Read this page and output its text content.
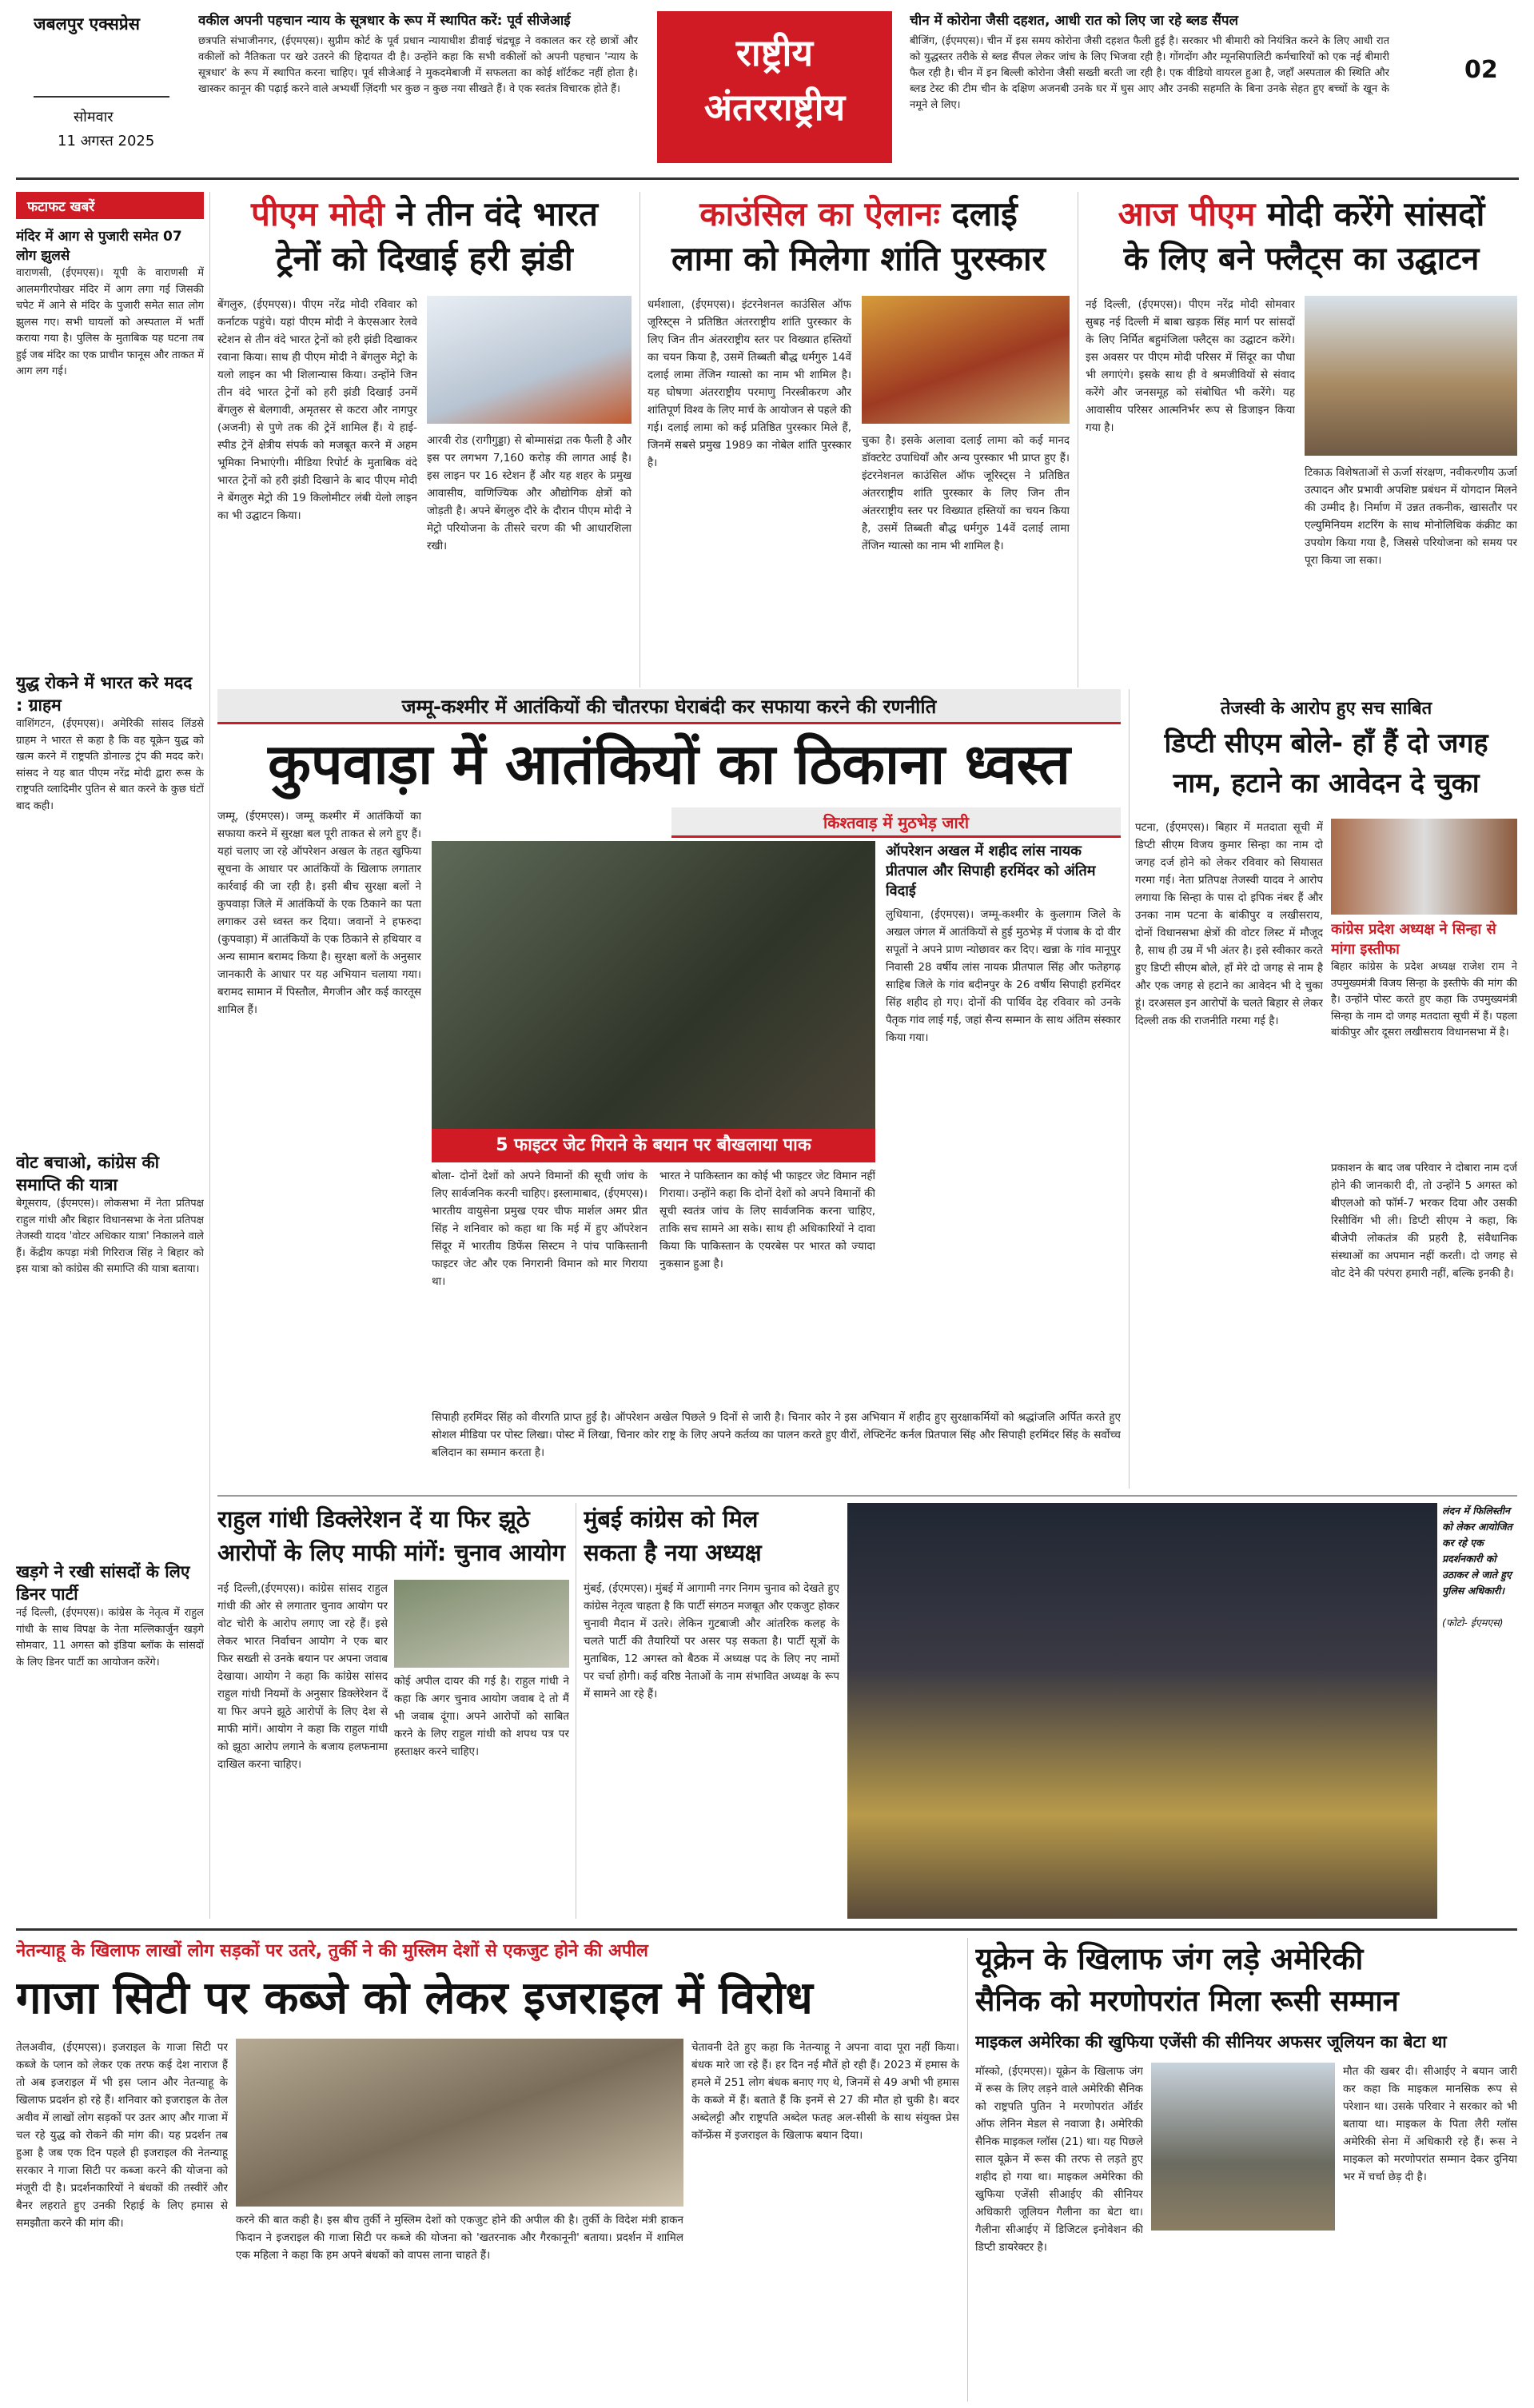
जबलपुर एक्सप्रेस
सोमवार
11 अगस्त 2025
वकील अपनी पहचान न्याय के सूत्रधार के रूप में स्थापित करें: पूर्व सीजेआई
छत्रपति संभाजीनगर, (ईएमएस)। सुप्रीम कोर्ट के पूर्व प्रधान न्यायाधीश डीवाई चंद्रचूड़ ने वकालत कर रहे छात्रों और वकीलों को नैतिकता पर खरे उतरने की हिदायत दी है। उन्होंने कहा कि सभी वकीलों को अपनी पहचान 'न्याय के सूत्रधार' के रूप में स्थापित करना चाहिए। पूर्व सीजेआई ने मुकदमेबाजी में सफलता का कोई शॉर्टकट नहीं होता है। खास्कर कानून की पढ़ाई करने वाले अभ्यर्थी ज़िंदगी भर कुछ न कुछ नया सीखते हैं। वे एक स्वतंत्र विचारक होते हैं।
राष्ट्रीय
अंतरराष्ट्रीय
चीन में कोरोना जैसी दहशत, आधी रात को लिए जा रहे ब्लड सैंपल
बीजिंग, (ईएमएस)। चीन में इस समय कोरोना जैसी दहशत फैली हुई है। सरकार भी बीमारी को नियंत्रित करने के लिए आधी रात को युद्धस्तर तरीके से ब्लड सैंपल लेकर जांच के लिए भिजवा रही है। गोंगदोंग और म्यूनसिपालिटी कर्मचारियों को एक नई बीमारी फैल रही है। चीन में इन बिल्ली कोरोना जैसी सख्ती बरती जा रही है। एक वीडियो वायरल हुआ है, जहाँ अस्पताल की स्थिति और ब्लड टेस्ट की टीम चीन के दक्षिण अजनबी उनके घर में घुस आए और उनकी सहमति के बिना उनके सेहत हुए बच्चों के खून के नमूने ले लिए।
02
फटाफट खबरें
मंदिर में आग से पुजारी समेत 07 लोग झुलसे
वाराणसी, (ईएमएस)। यूपी के वाराणसी में आलमगीरपोखर मंदिर में आग लगा गई जिसकी चपेट में आने से मंदिर के पुजारी समेत सात लोग झुलस गए। सभी घायलों को अस्पताल में भर्ती कराया गया है। पुलिस के मुताबिक यह घटना तब हुई जब मंदिर का एक प्राचीन फानूस और ताकत में आग लग गई।
युद्ध रोकने में भारत करे मदद : ग्राहम
वाशिंगटन, (ईएमएस)। अमेरिकी सांसद लिंडसे ग्राहम ने भारत से कहा है कि वह यूक्रेन युद्ध को खत्म करने में राष्ट्रपति डोनाल्ड ट्रंप की मदद करे। सांसद ने यह बात पीएम नरेंद्र मोदी द्वारा रूस के राष्ट्रपति व्लादिमीर पुतिन से बात करने के कुछ घंटों बाद कही।
वोट बचाओ, कांग्रेस की समाप्ति की यात्रा
बेगूसराय, (ईएमएस)। लोकसभा में नेता प्रतिपक्ष राहुल गांधी और बिहार विधानसभा के नेता प्रतिपक्ष तेजस्वी यादव 'वोटर अधिकार यात्रा' निकालने वाले हैं। केंद्रीय कपड़ा मंत्री गिरिराज सिंह ने बिहार को इस यात्रा को कांग्रेस की समाप्ति की यात्रा बताया।
खड़गे ने रखी सांसदों के लिए डिनर पार्टी
नई दिल्ली, (ईएमएस)। कांग्रेस के नेतृत्व में राहुल गांधी के साथ विपक्ष के नेता मल्लिकार्जुन खड़गे सोमवार, 11 अगस्त को इंडिया ब्लॉक के सांसदों के लिए डिनर पार्टी का आयोजन करेंगे।
पीएम मोदी ने तीन वंदे भारत
ट्रेनों को दिखाई हरी झंडी
बेंगलुरु, (ईएमएस)। पीएम नरेंद्र मोदी रविवार को कर्नाटक पहुंचे। यहां पीएम मोदी ने केएसआर रेलवे स्टेशन से तीन वंदे भारत ट्रेनों को हरी झंडी दिखाकर रवाना किया। साथ ही पीएम मोदी ने बेंगलुरु मेट्रो के यलो लाइन का भी शिलान्यास किया। उन्होंने जिन तीन वंदे भारत ट्रेनों को हरी झंडी दिखाई उनमें बेंगलुरु से बेलगावी, अमृतसर से कटरा और नागपुर (अजनी) से पुणे तक की ट्रेनें शामिल हैं। ये हाई-स्पीड ट्रेनें क्षेत्रीय संपर्क को मजबूत करने में अहम भूमिका निभाएंगी। मीडिया रिपोर्ट के मुताबिक वंदे भारत ट्रेनों को हरी झंडी दिखाने के बाद पीएम मोदी ने बेंगलुरु मेट्रो की 19 किलोमीटर लंबी येलो लाइन का भी उद्घाटन किया।
आरवी रोड (रागीगुड्डा) से बोम्मासंद्रा तक फैली है और इस पर लगभग 7,160 करोड़ की लागत आई है। इस लाइन पर 16 स्टेशन हैं और यह शहर के प्रमुख आवासीय, वाणिज्यिक और औद्योगिक क्षेत्रों को जोड़ती है। अपने बेंगलुरु दौरे के दौरान पीएम मोदी ने मेट्रो परियोजना के तीसरे चरण की भी आधारशिला रखी।
काउंसिल का ऐलानः दलाई
लामा को मिलेगा शांति पुरस्कार
धर्मशाला, (ईएमएस)। इंटरनेशनल काउंसिल ऑफ जूरिस्ट्स ने प्रतिष्ठित अंतरराष्ट्रीय शांति पुरस्कार के लिए जिन तीन अंतरराष्ट्रीय स्तर पर विख्यात हस्तियों का चयन किया है, उसमें तिब्बती बौद्ध धर्मगुरु 14वें दलाई लामा तेंजिन ग्यात्सो का नाम भी शामिल है। यह घोषणा अंतरराष्ट्रीय परमाणु निरस्त्रीकरण और शांतिपूर्ण विश्व के लिए मार्च के आयोजन से पहले की गई। दलाई लामा को कई प्रतिष्ठित पुरस्कार मिले हैं, जिनमें सबसे प्रमुख 1989 का नोबेल शांति पुरस्कार है।
चुका है। इसके अलावा दलाई लामा को कई मानद डॉक्टरेट उपाधियाँ और अन्य पुरस्कार भी प्राप्त हुए हैं। इंटरनेशनल काउंसिल ऑफ जूरिस्ट्स ने प्रतिष्ठित अंतरराष्ट्रीय शांति पुरस्कार के लिए जिन तीन अंतरराष्ट्रीय स्तर पर विख्यात हस्तियों का चयन किया है, उसमें तिब्बती बौद्ध धर्मगुरु 14वें दलाई लामा तेंजिन ग्यात्सो का नाम भी शामिल है।
आज पीएम मोदी करेंगे सांसदों
के लिए बने फ्लैट्स का उद्घाटन
नई दिल्ली, (ईएमएस)। पीएम नरेंद्र मोदी सोमवार सुबह नई दिल्ली में बाबा खड़क सिंह मार्ग पर सांसदों के लिए निर्मित बहुमंजिला फ्लैट्स का उद्घाटन करेंगे। इस अवसर पर पीएम मोदी परिसर में सिंदूर का पौधा भी लगाएंगे। इसके साथ ही वे श्रमजीवियों से संवाद करेंगे और जनसमूह को संबोधित भी करेंगे। यह आवासीय परिसर आत्मनिर्भर रूप से डिजाइन किया गया है।
टिकाऊ विशेषताओं से ऊर्जा संरक्षण, नवीकरणीय ऊर्जा उत्पादन और प्रभावी अपशिष्ट प्रबंधन में योगदान मिलने की उम्मीद है। निर्माण में उन्नत तकनीक, खासतौर पर एल्युमिनियम शटरिंग के साथ मोनोलिथिक कंक्रीट का उपयोग किया गया है, जिससे परियोजना को समय पर पूरा किया जा सका।
जम्मू-कश्मीर में आतंकियों की चौतरफा घेराबंदी कर सफाया करने की रणनीति
कुपवाड़ा में आतंकियों का ठिकाना ध्वस्त
किश्तवाड़ में मुठभेड़ जारी
जम्मू, (ईएमएस)। जम्मू कश्मीर में आतंकियों का सफाया करने में सुरक्षा बल पूरी ताकत से लगे हुए हैं। यहां चलाए जा रहे ऑपरेशन अखल के तहत खुफिया सूचना के आधार पर आतंकियों के खिलाफ लगातार कार्रवाई की जा रही है। इसी बीच सुरक्षा बलों ने कुपवाड़ा जिले में आतंकियों के एक ठिकाने का पता लगाकर उसे ध्वस्त कर दिया। जवानों ने हफरुदा (कुपवाड़ा) में आतंकियों के एक ठिकाने से हथियार व अन्य सामान बरामद किया है। सुरक्षा बलों के अनुसार जानकारी के आधार पर यह अभियान चलाया गया। बरामद सामान में पिस्तौल, मैगजीन और कई कारतूस शामिल हैं।
5 फाइटर जेट गिराने के बयान पर बौखलाया पाक
बोला- दोनों देशों को अपने विमानों की सूची जांच के लिए सार्वजनिक करनी चाहिए। इस्लामाबाद, (ईएमएस)। भारतीय वायुसेना प्रमुख एयर चीफ मार्शल अमर प्रीत सिंह ने शनिवार को कहा था कि मई में हुए ऑपरेशन सिंदूर में भारतीय डिफेंस सिस्टम ने पांच पाकिस्तानी फाइटर जेट और एक निगरानी विमान को मार गिराया था।
भारत ने पाकिस्तान का कोई भी फाइटर जेट विमान नहीं गिराया। उन्होंने कहा कि दोनों देशों को अपने विमानों की सूची स्वतंत्र जांच के लिए सार्वजनिक करना चाहिए, ताकि सच सामने आ सके। साथ ही अधिकारियों ने दावा किया कि पाकिस्तान के एयरबेस पर भारत को ज्यादा नुकसान हुआ है।
ऑपरेशन अखल में शहीद लांस नायक प्रीतपाल और सिपाही हरमिंदर को अंतिम विदाई
लुधियाना, (ईएमएस)। जम्मू-कश्मीर के कुलगाम जिले के अखल जंगल में आतंकियों से हुई मुठभेड़ में पंजाब के दो वीर सपूतों ने अपने प्राण न्योछावर कर दिए। खन्ना के गांव मानूपुर निवासी 28 वर्षीय लांस नायक प्रीतपाल सिंह और फतेहगढ़ साहिब जिले के गांव बदीनपुर के 26 वर्षीय सिपाही हरमिंदर सिंह शहीद हो गए। दोनों की पार्थिव देह रविवार को उनके पैतृक गांव लाई गई, जहां सैन्य सम्मान के साथ अंतिम संस्कार किया गया।
सिपाही हरमिंदर सिंह को वीरगति प्राप्त हुई है। ऑपरेशन अखेल पिछले 9 दिनों से जारी है। चिनार कोर ने इस अभियान में शहीद हुए सुरक्षाकर्मियों को श्रद्धांजलि अर्पित करते हुए सोशल मीडिया पर पोस्ट लिखा। पोस्ट में लिखा, चिनार कोर राष्ट्र के लिए अपने कर्तव्य का पालन करते हुए वीरों, लेफ्टिनेंट कर्नल प्रितपाल सिंह और सिपाही हरमिंदर सिंह के सर्वोच्च बलिदान का सम्मान करता है।
तेजस्वी के आरोप हुए सच साबित
डिप्टी सीएम बोले- हाँ हैं दो जगह
नाम, हटाने का आवेदन दे चुका
पटना, (ईएमएस)। बिहार में मतदाता सूची में डिप्टी सीएम विजय कुमार सिन्हा का नाम दो जगह दर्ज होने को लेकर रविवार को सियासत गरमा गई। नेता प्रतिपक्ष तेजस्वी यादव ने आरोप लगाया कि सिन्हा के पास दो इपिक नंबर हैं और उनका नाम पटना के बांकीपुर व लखीसराय, दोनों विधानसभा क्षेत्रों की वोटर लिस्ट में मौजूद है, साथ ही उम्र में भी अंतर है। इसे स्वीकार करते हुए डिप्टी सीएम बोले, हाँ मेरे दो जगह से नाम है और एक जगह से हटाने का आवेदन भी दे चुका हूं। दरअसल इन आरोपों के चलते बिहार से लेकर दिल्ली तक की राजनीति गरमा गई है।
कांग्रेस प्रदेश अध्यक्ष ने सिन्हा से मांगा इस्तीफा
बिहार कांग्रेस के प्रदेश अध्यक्ष राजेश राम ने उपमुख्यमंत्री विजय सिन्हा के इस्तीफे की मांग की है। उन्होंने पोस्ट करते हुए कहा कि उपमुख्यमंत्री सिन्हा के नाम दो जगह मतदाता सूची में हैं। पहला बांकीपुर और दूसरा लखीसराय विधानसभा में है।
प्रकाशन के बाद जब परिवार ने दोबारा नाम दर्ज होने की जानकारी दी, तो उन्होंने 5 अगस्त को बीएलओ को फॉर्म-7 भरकर दिया और उसकी रिसीविंग भी ली। डिप्टी सीएम ने कहा, कि बीजेपी लोकतंत्र की प्रहरी है, संवैधानिक संस्थाओं का अपमान नहीं करती। दो जगह से वोट देने की परंपरा हमारी नहीं, बल्कि इनकी है।
राहुल गांधी डिक्लेरेशन दें या फिर झूठे
आरोपों के लिए माफी मांगें: चुनाव आयोग
नई दिल्ली,(ईएमएस)। कांग्रेस सांसद राहुल गांधी की ओर से लगातार चुनाव आयोग पर वोट चोरी के आरोप लगाए जा रहे हैं। इसे लेकर भारत निर्वाचन आयोग ने एक बार फिर सख्ती से उनके बयान पर अपना जवाब देखाया। आयोग ने कहा कि कांग्रेस सांसद राहुल गांधी नियमों के अनुसार डिक्लेरेशन दें या फिर अपने झूठे आरोपों के लिए देश से माफी मांगें। आयोग ने कहा कि राहुल गांधी को झूठा आरोप लगाने के बजाय हलफनामा दाखिल करना चाहिए।
कोई अपील दायर की गई है। राहुल गांधी ने कहा कि अगर चुनाव आयोग जवाब दे तो मैं भी जवाब दूंगा। अपने आरोपों को साबित करने के लिए राहुल गांधी को शपथ पत्र पर हस्ताक्षर करने चाहिए।
मुंबई कांग्रेस को मिल
सकता है नया अध्यक्ष
मुंबई, (ईएमएस)। मुंबई में आगामी नगर निगम चुनाव को देखते हुए कांग्रेस नेतृत्व चाहता है कि पार्टी संगठन मजबूत और एकजुट होकर चुनावी मैदान में उतरे। लेकिन गुटबाजी और आंतरिक कलह के चलते पार्टी की तैयारियों पर असर पड़ सकता है। पार्टी सूत्रों के मुताबिक, 12 अगस्त को बैठक में अध्यक्ष पद के लिए नए नामों पर चर्चा होगी। कई वरिष्ठ नेताओं के नाम संभावित अध्यक्ष के रूप में सामने आ रहे हैं।
लंदन में फिलिस्तीन को लेकर आयोजित कर रहे एक प्रदर्शनकारी को उठाकर ले जाते हुए पुलिस अधिकारी।
(फोटो- ईएमएस)
नेतन्याहू के खिलाफ लाखों लोग सड़कों पर उतरे, तुर्की ने की मुस्लिम देशों से एकजुट होने की अपील
गाजा सिटी पर कब्जे को लेकर इजराइल में विरोध
तेलअवीव, (ईएमएस)। इजराइल के गाजा सिटी पर कब्जे के प्लान को लेकर एक तरफ कई देश नाराज हैं तो अब इजराइल में भी इस प्लान और नेतन्याहू के खिलाफ प्रदर्शन हो रहे हैं। शनिवार को इजराइल के तेल अवीव में लाखों लोग सड़कों पर उतर आए और गाजा में चल रहे युद्ध को रोकने की मांग की। यह प्रदर्शन तब हुआ है जब एक दिन पहले ही इजराइल की नेतन्याहू सरकार ने गाजा सिटी पर कब्जा करने की योजना को मंजूरी दी है। प्रदर्शनकारियों ने बंधकों की तस्वीरें और बैनर लहराते हुए उनकी रिहाई के लिए हमास से समझौता करने की मांग की।	करने की बात कही है। इस बीच तुर्की ने मुस्लिम देशों को एकजुट होने की अपील की है। तुर्की के विदेश मंत्री हाकन फिदान ने इजराइल की गाजा सिटी पर कब्जे की योजना को 'खतरनाक और गैरकानूनी' बताया। प्रदर्शन में शामिल एक महिला ने कहा कि हम अपने बंधकों को वापस लाना चाहते हैं।
चेतावनी देते हुए कहा कि नेतन्याहू ने अपना वादा पूरा नहीं किया। बंधक मारे जा रहे हैं। हर दिन नई मौतें हो रही हैं। 2023 में हमास के हमले में 251 लोग बंधक बनाए गए थे, जिनमें से 49 अभी भी हमास के कब्जे में हैं। बताते हैं कि इनमें से 27 की मौत हो चुकी है। बदर अब्देलट्टी और राष्ट्रपति अब्देल फतह अल-सीसी के साथ संयुक्त प्रेस कॉन्फ्रेंस में इजराइल के खिलाफ बयान दिया।
यूक्रेन के खिलाफ जंग लड़े अमेरिकी
सैनिक को मरणोपरांत मिला रूसी सम्मान
माइकल अमेरिका की खुफिया एजेंसी की सीनियर अफसर जूलियन का बेटा था
मॉस्को, (ईएमएस)। यूक्रेन के खिलाफ जंग में रूस के लिए लड़ने वाले अमेरिकी सैनिक को राष्ट्रपति पुतिन ने मरणोपरांत ऑर्डर ऑफ लेनिन मेडल से नवाजा है। अमेरिकी सैनिक माइकल ग्लॉस (21) था। यह पिछले साल यूक्रेन में रूस की तरफ से लड़ते हुए शहीद हो गया था। माइकल अमेरिका की खुफिया एजेंसी सीआईए की सीनियर अधिकारी जूलियन गैलीना का बेटा था। गैलीना सीआईए में डिजिटल इनोवेशन की डिप्टी डायरेक्टर है।
मौत की खबर दी। सीआईए ने बयान जारी कर कहा कि माइकल मानसिक रूप से परेशान था। उसके परिवार ने सरकार को भी बताया था। माइकल के पिता लैरी ग्लॉस अमेरिकी सेना में अधिकारी रहे हैं। रूस ने माइकल को मरणोपरांत सम्मान देकर दुनिया भर में चर्चा छेड़ दी है।
